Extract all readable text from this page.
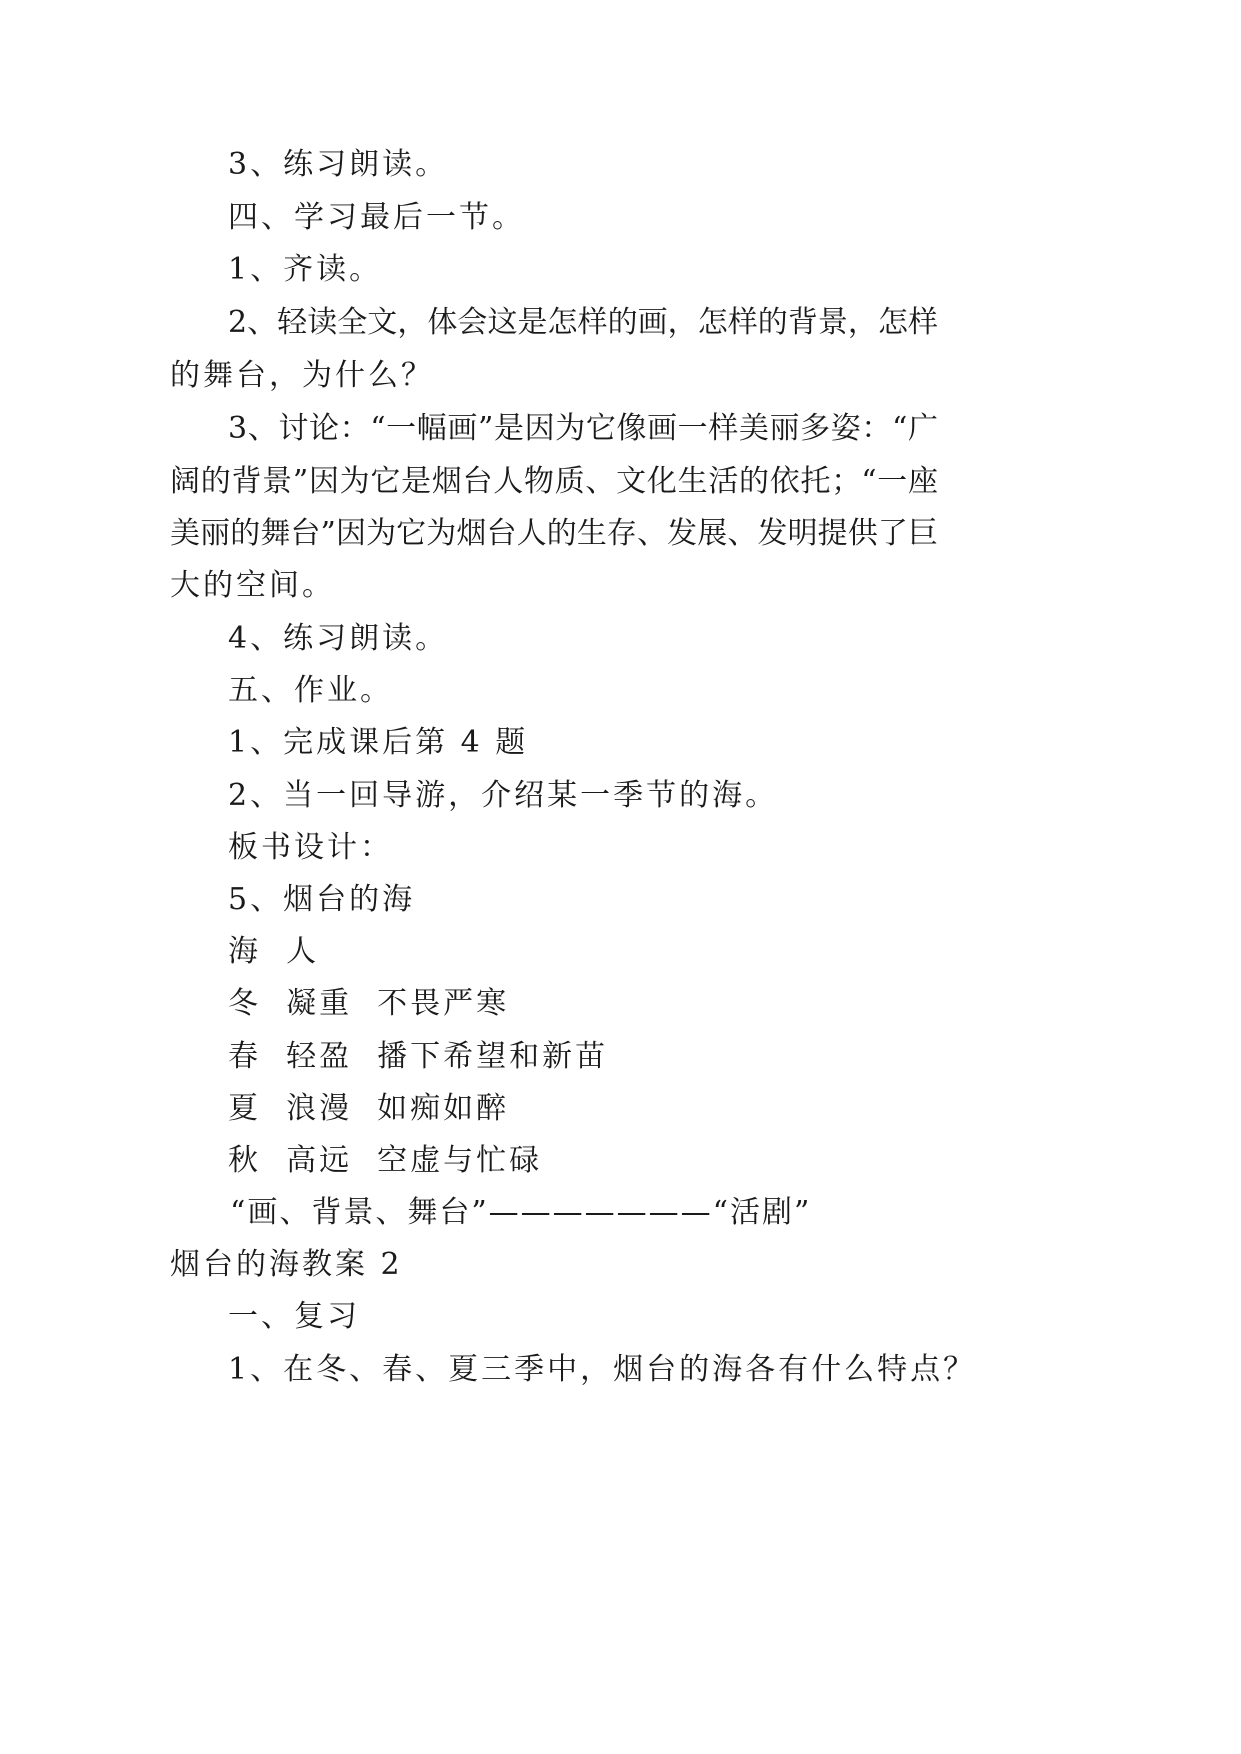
3、练习朗读。
四、学习最后一节。
1、齐读。
2、轻读全文，体会这是怎样的画，怎样的背景，怎样
的舞台，为什么？
3、讨论：“一幅画”是因为它像画一样美丽多姿：“广
阔的背景”因为它是烟台人物质、文化生活的依托；“一座
美丽的舞台”因为它为烟台人的生存、发展、发明提供了巨
大的空间。
4、练习朗读。
五、作业。
1、完成课后第 4 题
2、当一回导游，介绍某一季节的海。
板书设计：
5、烟台的海
海  人
冬  凝重  不畏严寒
春  轻盈  播下希望和新苗
夏  浪漫  如痴如醉
秋  高远  空虚与忙碌
“画、背景、舞台”———————“活剧”
烟台的海教案 2
一、复习
1、在冬、春、夏三季中，烟台的海各有什么特点？
